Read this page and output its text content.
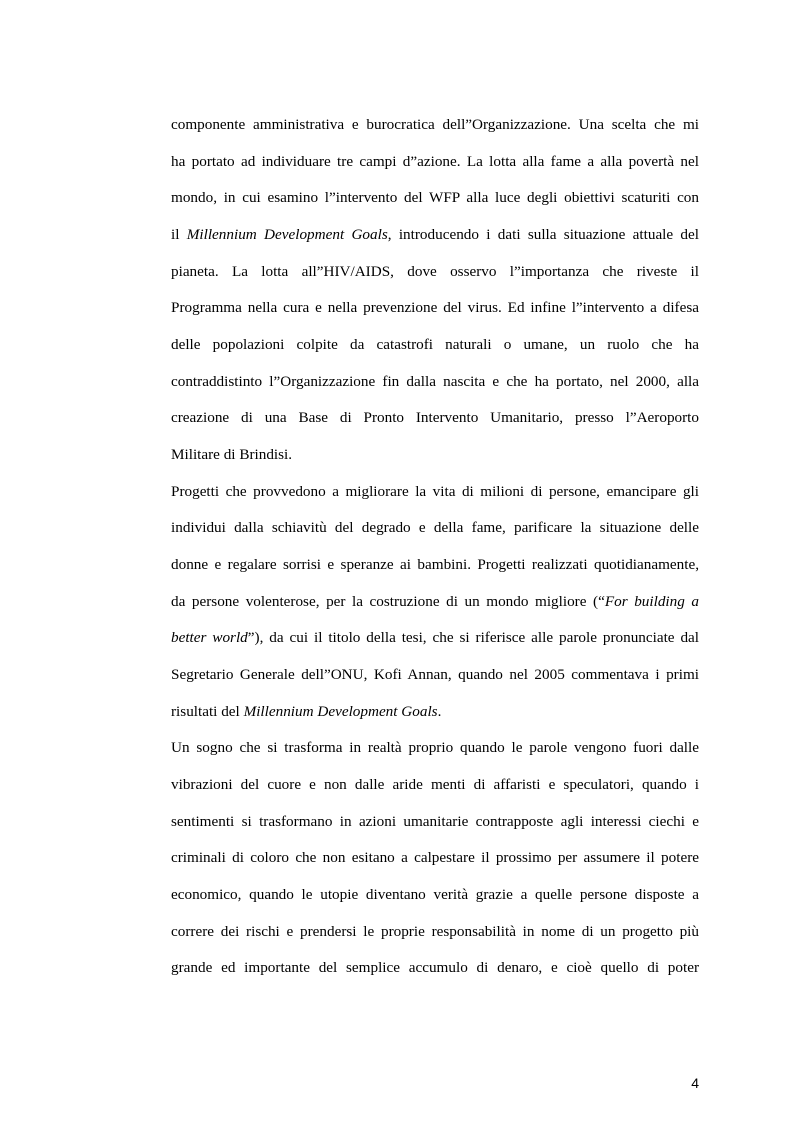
componente amministrativa e burocratica dell”Organizzazione. Una scelta che mi
ha portato ad individuare tre campi d”azione. La lotta alla fame a alla povertà nel
mondo, in cui esamino l”intervento del WFP alla luce degli obiettivi scaturiti con
il Millennium Development Goals, introducendo i dati sulla situazione attuale del
pianeta. La lotta all”HIV/AIDS, dove osservo l”importanza che riveste il
Programma nella cura e nella prevenzione del virus. Ed infine l”intervento a difesa
delle popolazioni colpite da catastrofi naturali o umane, un ruolo che ha
contraddistinto l”Organizzazione fin dalla nascita e che ha portato, nel 2000, alla
creazione di una Base di Pronto Intervento Umanitario, presso l”Aeroporto
Militare di Brindisi.
Progetti che provvedono a migliorare la vita di milioni di persone, emancipare gli
individui dalla schiavitù del degrado e della fame, parificare la situazione delle
donne e regalare sorrisi e speranze ai bambini. Progetti realizzati quotidianamente,
da persone volenterose, per la costruzione di un mondo migliore (“For building a
better world”), da cui il titolo della tesi, che si riferisce alle parole pronunciate dal
Segretario Generale dell”ONU, Kofi Annan, quando nel 2005 commentava i primi
risultati del Millennium Development Goals.
Un sogno che si trasforma in realtà proprio quando le parole vengono fuori dalle
vibrazioni del cuore e non dalle aride menti di affaristi e speculatori, quando i
sentimenti si trasformano in azioni umanitarie contrapposte agli interessi ciechi e
criminali di coloro che non esitano a calpestare il prossimo per assumere il potere
economico, quando le utopie diventano verità grazie a quelle persone disposte a
correre dei rischi e prendersi le proprie responsabilità in nome di un progetto più
grande ed importante del semplice accumulo di denaro, e cioè quello di poter
4
